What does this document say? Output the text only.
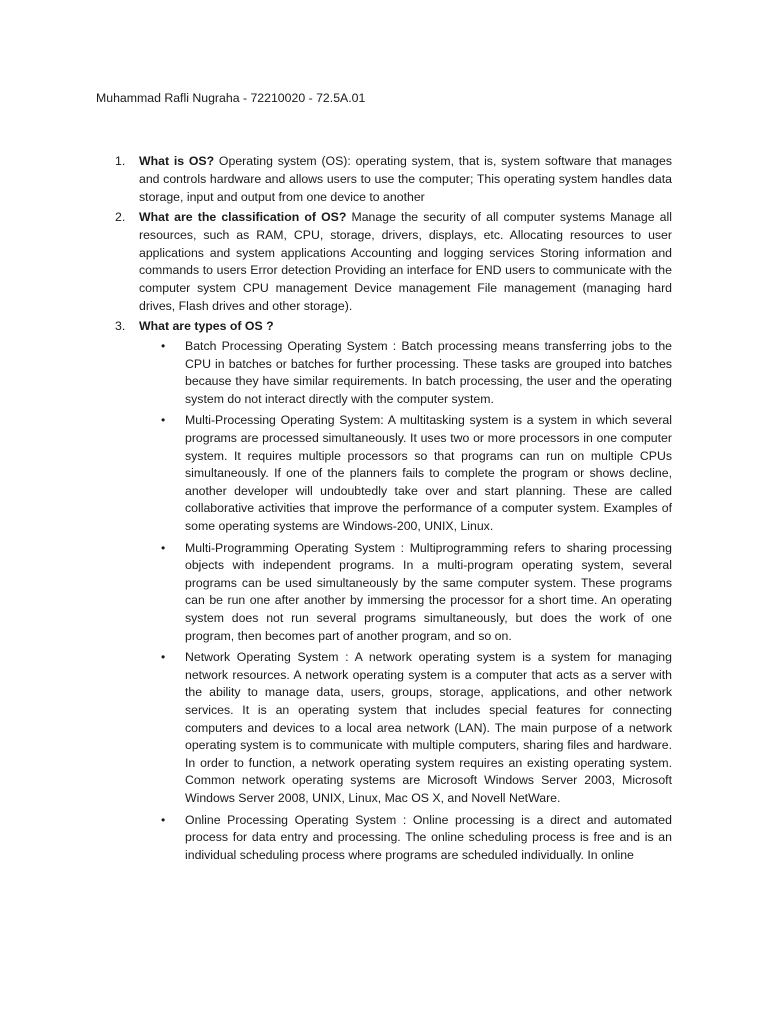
Muhammad Rafli Nugraha - 72210020 - 72.5A.01
1.	What is OS? Operating system (OS): operating system, that is, system software that manages and controls hardware and allows users to use the computer; This operating system handles data storage, input and output from one device to another
2.	What are the classification of OS? Manage the security of all computer systems Manage all resources, such as RAM, CPU, storage, drivers, displays, etc. Allocating resources to user applications and system applications Accounting and logging services Storing information and commands to users Error detection Providing an interface for END users to communicate with the computer system CPU management Device management File management (managing hard drives, Flash drives and other storage).
3.	What are types of OS ?
• Batch Processing Operating System : Batch processing means transferring jobs to the CPU in batches or batches for further processing. These tasks are grouped into batches because they have similar requirements. In batch processing, the user and the operating system do not interact directly with the computer system.
• Multi-Processing Operating System: A multitasking system is a system in which several programs are processed simultaneously. It uses two or more processors in one computer system. It requires multiple processors so that programs can run on multiple CPUs simultaneously. If one of the planners fails to complete the program or shows decline, another developer will undoubtedly take over and start planning. These are called collaborative activities that improve the performance of a computer system. Examples of some operating systems are Windows-200, UNIX, Linux.
• Multi-Programming Operating System : Multiprogramming refers to sharing processing objects with independent programs. In a multi-program operating system, several programs can be used simultaneously by the same computer system. These programs can be run one after another by immersing the processor for a short time. An operating system does not run several programs simultaneously, but does the work of one program, then becomes part of another program, and so on.
• Network Operating System : A network operating system is a system for managing network resources. A network operating system is a computer that acts as a server with the ability to manage data, users, groups, storage, applications, and other network services. It is an operating system that includes special features for connecting computers and devices to a local area network (LAN). The main purpose of a network operating system is to communicate with multiple computers, sharing files and hardware. In order to function, a network operating system requires an existing operating system. Common network operating systems are Microsoft Windows Server 2003, Microsoft Windows Server 2008, UNIX, Linux, Mac OS X, and Novell NetWare.
• Online Processing Operating System : Online processing is a direct and automated process for data entry and processing. The online scheduling process is free and is an individual scheduling process where programs are scheduled individually. In online
